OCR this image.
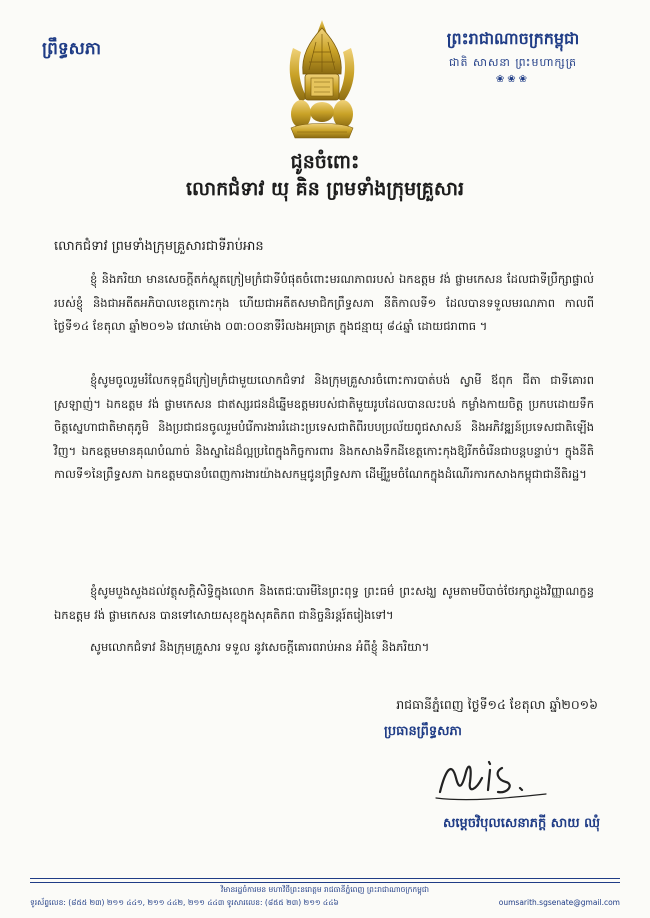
ព្រឹទ្ធសភា
ព្រះរាជាណាចក្រកម្ពុជា
ជាតិ សាសនា ព្រះមហាក្សត្រ
❀❀❀
ជូនចំពោះ
លោកជំទាវ យុ គិន ព្រមទាំងក្រុមគ្រួសារ
លោកជំទាវ ព្រមទាំងក្រុមគ្រួសារជាទីរាប់អាន

ខ្ញុំ និងភរិយា មានសេចក្ដីតក់ស្លុតក្រៀមក្រំជាទីបំផុតចំពោះមរណភាពរបស់ ឯកឧត្ដម វង់ ផ្លាមកេសន ដែលជាទីប្រឹក្សាផ្ទាល់របស់ខ្ញុំ និងជាអតីតអភិបាលខេត្តកោះកុង ហើយជាអតីតសមាជិកព្រឹទ្ធសភា នីតិកាលទី១ ដែលបានទទួលមរណភាព កាលពីថ្ងៃទី១៤ ខែតុលា ឆ្នាំ២០១៦ វេលាម៉ោង ០៣:០០នាទីរំលងអធ្រាត្រ ក្នុងជន្មាយុ ៨៤ឆ្នាំ ដោយជរាពាធ ។

ខ្ញុំសូមចូលរួមរំលែកទុក្ខដ៏ក្រៀមក្រំជាមួយលោកជំទាវ និងក្រុមគ្រួសារចំពោះការបាត់បង់ ស្វាមី ឪពុក ជីតា ជាទីគោរពស្រឡាញ់។ ឯកឧត្ដម វង់ ផ្លាមកេសន ជាឥស្សរជនដ៏ឆ្នើមឧត្តមរបស់ជាតិមួយរូបដែលបានលះបង់ កម្លាំងកាយចិត្ត ប្រកបដោយទឹកចិត្តស្នេហាជាតិមាតុភូមិ និងប្រជាជនចូលរួមបំរើការងាររំដោះប្រទេសជាតិពីរបបប្រល័យពូជសាសន៍ និងអភិវឌ្ឍន៍ប្រទេសជាតិឡើងវិញ។ ឯកឧត្ដមមានគុណបំណាច់ និងស្នាដៃដ៏ល្អប្រពៃក្នុងកិច្ចការពារ និងកសាងទឹកដីខេត្តកោះកុងឱ្យរីកចំរើនជាបន្តបន្ទាប់។ ក្នុងនីតិកាលទី១នៃព្រឹទ្ធសភា ឯកឧត្ដមបានបំពេញការងារយ៉ាងសកម្មជូនព្រឹទ្ធសភា ដើម្បីរួមចំណែកក្នុងដំណើរការកសាងកម្ពុជាជានីតិរដ្ឋ។

ខ្ញុំសូមបួងសួងដល់វត្ថុសក្តិសិទ្ធិក្នុងលោក និងតេជៈបារមីនៃព្រះពុទ្ធ ព្រះធម៌ ព្រះសង្ឃ សូមតាមបីបាច់ថែរក្សាដួងវិញ្ញាណក្ខន្ធ ឯកឧត្ដម វង់ ផ្លាមកេសន បានទៅសោយសុខក្នុងសុគតិភព ជានិច្ចនិរន្តរ៍តរៀងទៅ។

សូមលោកជំទាវ និងក្រុមគ្រួសារ ទទួល នូវសេចក្ដីគោរពរាប់អាន អំពីខ្ញុំ និងភរិយា។

រាជធានីភ្នំពេញ ថ្ងៃទី១៤ ខែតុលា ឆ្នាំ២០១៦
ប្រធានព្រឹទ្ធសភា
សម្ដេចវិបុលសេនាភក្ដី សាយ ឈុំ
វិមានរដ្ឋចំការមន មហាវិថីព្រះនរោត្តម រាជធានីភ្នំពេញ ព្រះរាជាណាចក្រកម្ពុជា
ទូរស័ព្ទលេខ: (៨៥៥ ២៣) ២១១ ៤៤១, ២១១ ៤៤២, ២១១ ៤៤៣ ទូរសារលេខ: (៨៥៥ ២៣) ២១១ ៤៤៦	oumsarith.sgsenate@gmail.com
